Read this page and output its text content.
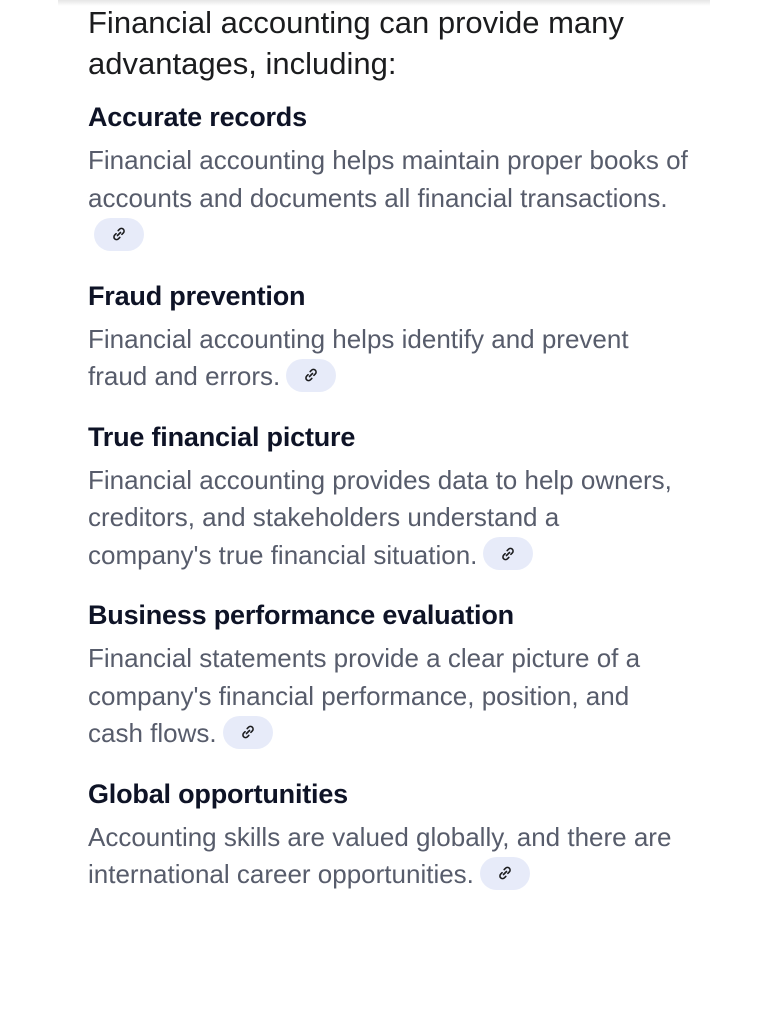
Financial accounting can provide many advantages, including:

Accurate records

Financial accounting helps maintain proper books of accounts and documents all financial transactions.

Fraud prevention

Financial accounting helps identify and prevent fraud and errors.

True financial picture

Financial accounting provides data to help owners, creditors, and stakeholders understand a company's true financial situation.

Business performance evaluation

Financial statements provide a clear picture of a company's financial performance, position, and cash flows.

Global opportunities

Accounting skills are valued globally, and there are international career opportunities.
